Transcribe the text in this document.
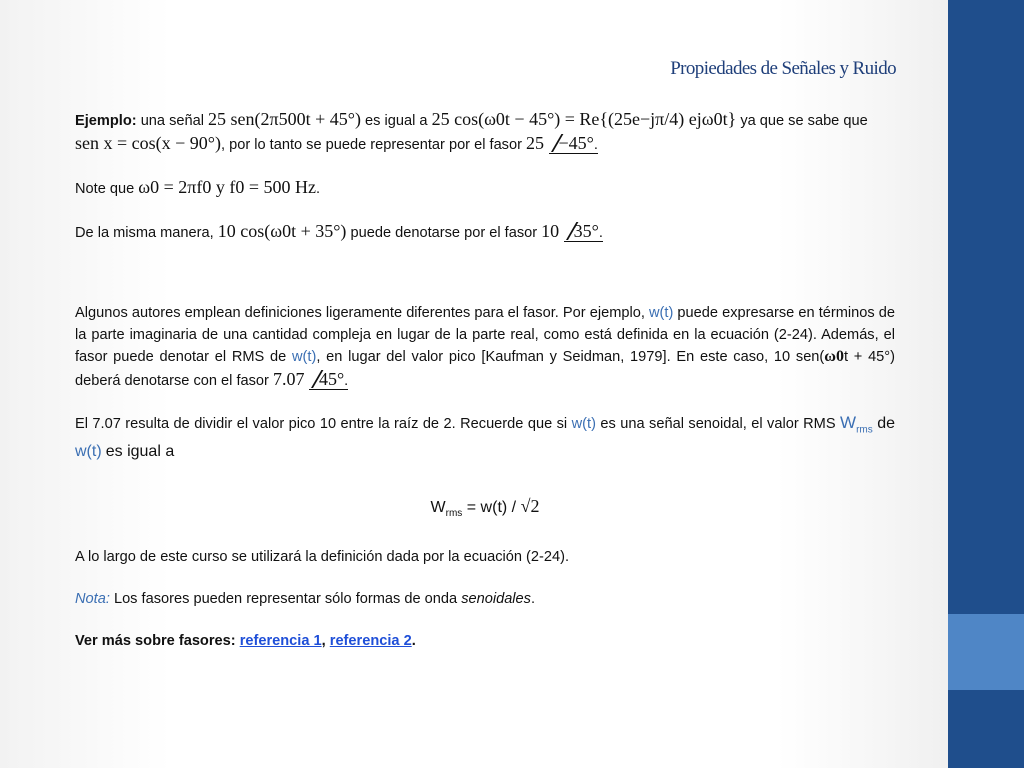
Propiedades de Señales y Ruido

Ejemplo: una señal 25 sen(2π500t + 45°) es igual a 25 cos(ω0t − 45°) = Re{(25e−jπ/4) ejω0t} ya que se sabe que sen x = cos(x − 90°), por lo tanto se puede representar por el fasor 25 −45°.

Note que ω0 = 2πf0 y f0 = 500 Hz.

De la misma manera, 10 cos(ω0t + 35°) puede denotarse por el fasor 10 35°.

Algunos autores emplean definiciones ligeramente diferentes para el fasor. Por ejemplo, w(t) puede expresarse en términos de la parte imaginaria de una cantidad compleja en lugar de la parte real, como está definida en la ecuación (2-24). Además, el fasor puede denotar el RMS de w(t), en lugar del valor pico [Kaufman y Seidman, 1979]. En este caso, 10 sen(ω0t + 45°) deberá denotarse con el fasor 7.07 45°.

El 7.07 resulta de dividir el valor pico 10 entre la raíz de 2. Recuerde que si w(t) es una señal senoidal, el valor RMS $W_{rms}$ de w(t) es igual a

$W_{rms} = w(t) / √2$

A lo largo de este curso se utilizará la definición dada por la ecuación (2-24).

Nota: Los fasores pueden representar sólo formas de onda senoidales.

Ver más sobre fasores: referencia 1, referencia 2.
